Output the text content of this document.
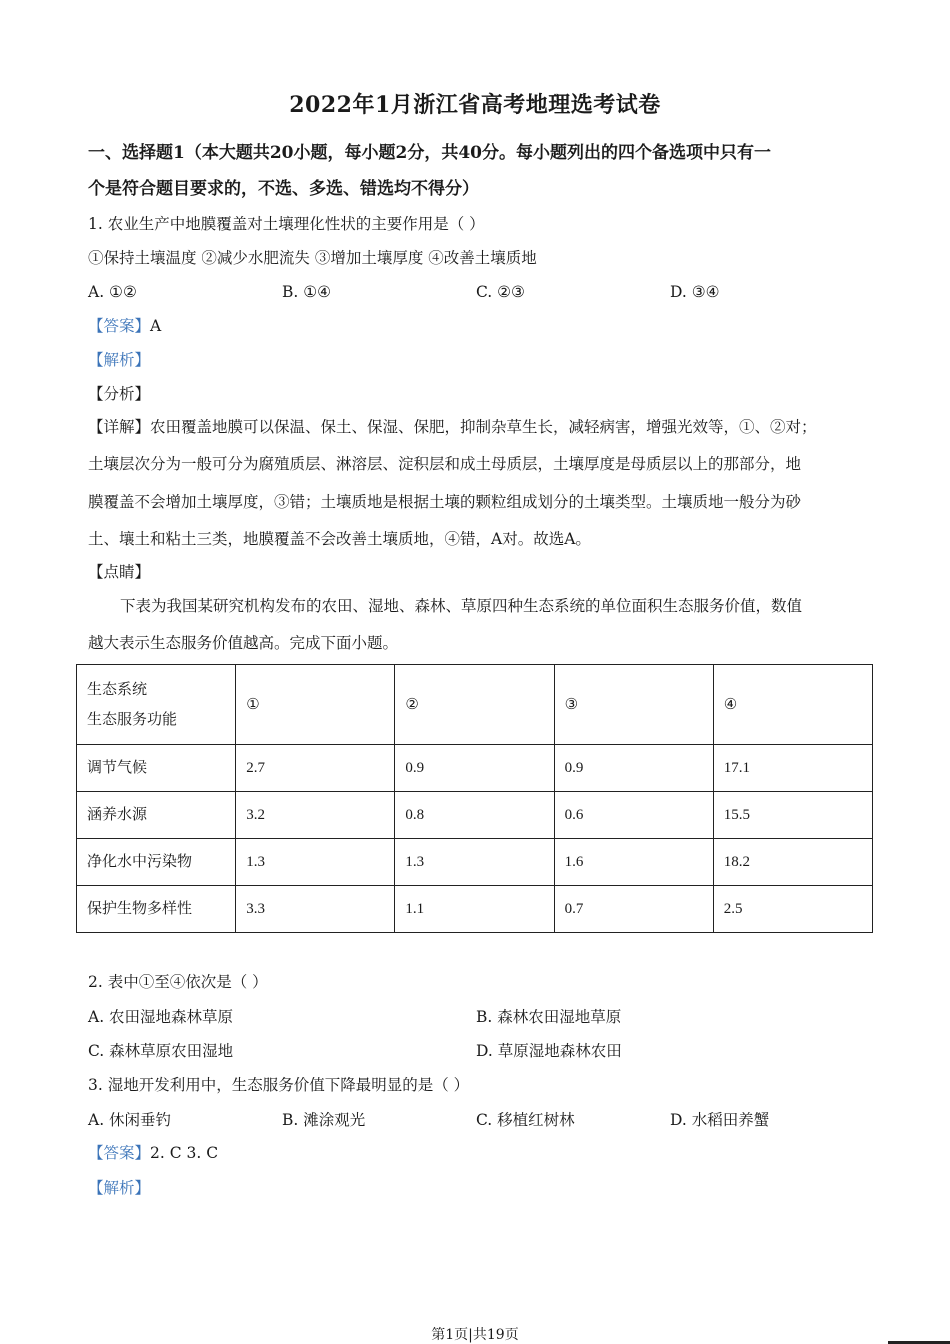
2022年1月浙江省高考地理选考试卷
一、选择题1（本大题共20小题，每小题2分，共40分。每小题列出的四个备选项中只有一
个是符合题目要求的，不选、多选、错选均不得分）
1. 农业生产中地膜覆盖对土壤理化性状的主要作用是（ ）
①保持土壤温度 ②减少水肥流失 ③增加土壤厚度 ④改善土壤质地
A. ①②	B. ①④	C. ②③	D. ③④
【答案】A
【解析】
【分析】
【详解】农田覆盖地膜可以保温、保土、保湿、保肥，抑制杂草生长，减轻病害，增强光效等，①、②对；
土壤层次分为一般可分为腐殖质层、淋溶层、淀积层和成土母质层，土壤厚度是母质层以上的那部分，地
膜覆盖不会增加土壤厚度，③错；土壤质地是根据土壤的颗粒组成划分的土壤类型。土壤质地一般分为砂
土、壤土和粘土三类，地膜覆盖不会改善土壤质地，④错，A对。故选A。
【点睛】
下表为我国某研究机构发布的农田、湿地、森林、草原四种生态系统的单位面积生态服务价值，数值
越大表示生态服务价值越高。完成下面小题。
生态系统
生态服务功能	①	②	③	④
调节气候	2.7	0.9	0.9	17.1
涵养水源	3.2	0.8	0.6	15.5
净化水中污染物	1.3	1.3	1.6	18.2
保护生物多样性	3.3	1.1	0.7	2.5
2. 表中①至④依次是（ ）
A. 农田湿地森林草原	B. 森林农田湿地草原
C. 森林草原农田湿地	D. 草原湿地森林农田
3. 湿地开发利用中，生态服务价值下降最明显的是（ ）
A. 休闲垂钓	B. 滩涂观光	C. 移植红树林	D. 水稻田养蟹
【答案】2. C 3. C
【解析】
第1页|共19页
